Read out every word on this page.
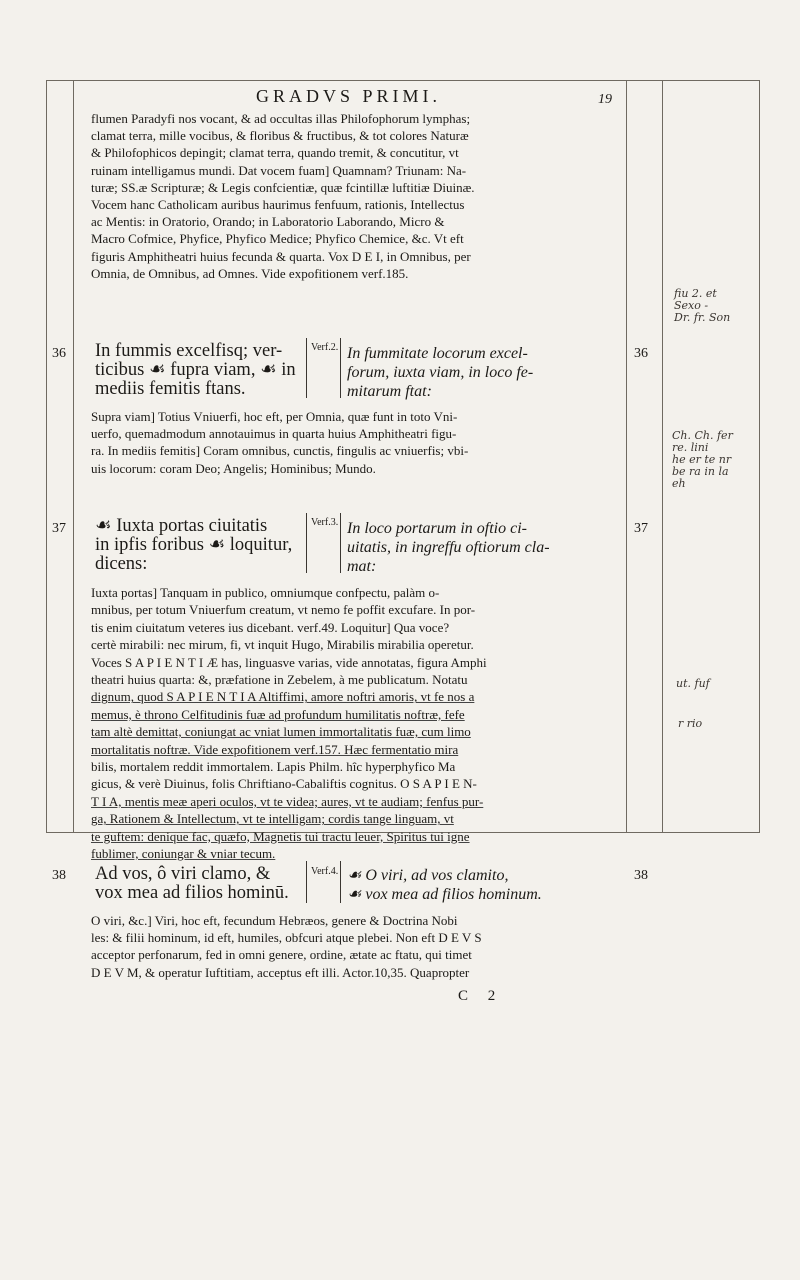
GRADVS PRIMI.	19

flumen Paradyfi nos vocant, & ad occultas illas Philofophorum lymphas;

clamat terra, mille vocibus, & floribus & fructibus, & tot colores Naturæ

& Philofophicos depingit; clamat terra, quando tremit, & concutitur, vt

ruinam intelligamus mundi. Dat vocem fuam] Quamnam? Triunam: Na-

turæ; SS.æ Scripturæ; & Legis confcientiæ, quæ fcintillæ luftitiæ Diuinæ.

Vocem hanc Catholicam auribus haurimus fenfuum, rationis, Intellectus

ac Mentis: in Oratorio, Orando; in Laboratorio Laborando, Micro &

Macro Cofmice, Phyfice, Phyfico Medice; Phyfico Chemice, &c. Vt eft

figuris Amphitheatri huius fecunda & quarta. Vox D E I, in Omnibus, per

Omnia, de Omnibus, ad Omnes. Vide expofitionem verf.185.

36	36

In fummis excelfisq; ver-

ticibus ☙ fupra viam, ☙ in

mediis femitis ftans.

Verf.2. In fummitate locorum excel-

forum, iuxta viam, in loco fe-

mitarum ftat:

Supra viam] Totius Vniuerfi, hoc eft, per Omnia, quæ funt in toto Vni-

uerfo, quemadmodum annotauimus in quarta huius Amphitheatri figu-

ra. In mediis femitis] Coram omnibus, cunctis, fingulis ac vniuerfis; vbi-

uis locorum: coram Deo; Angelis; Hominibus; Mundo.

37	37

☙ Iuxta portas ciuitatis

in ipfis foribus ☙ loquitur,

dicens:

Verf.3. In loco portarum in oftio ci-

uitatis, in ingreffu oftiorum cla-

mat:

Iuxta portas] Tanquam in publico, omniumque confpectu, palàm o-

mnibus, per totum Vniuerfum creatum, vt nemo fe poffit excufare. In por-

tis enim ciuitatum veteres ius dicebant. verf.49. Loquitur] Qua voce?

certè mirabili: nec mirum, fi, vt inquit Hugo, Mirabilis mirabilia operetur.

Voces S A P I E N T I Æ has, linguasve varias, vide annotatas, figura Amphi

theatri huius quarta: &, præfatione in Zebelem, à me publicatum. Notatu

dignum, quod S A P I E N T I A Altiffimi, amore noftri amoris, vt fe nos a

memus, è throno Celfitudinis fuæ ad profundum humilitatis noftræ, fefe

tam altè demittat, coniungat ac vniat lumen immortalitatis fuæ, cum limo

mortalitatis noftræ. Vide expofitionem verf.157. Hæc fermentatio mira

bilis, mortalem reddit immortalem. Lapis Philm. hîc hyperphyfico Ma

gicus, & verè Diuinus, folis Chriftiano-Cabaliftis cognitus. O S A P I E N-

T I A, mentis meæ aperi oculos, vt te videa; aures, vt te audiam; fenfus pur-

ga, Rationem & Intellectum, vt te intelligam; cordis tange linguam, vt

te guftem: denique fac, quæfo, Magnetis tui tractu leuer, Spiritus tui igne

fublimer, coniungar & vniar tecum.

38	38

Ad vos, ô viri clamo, &

vox mea ad filios hominū.

Verf.4. ☙ O viri, ad vos clamito,

☙ vox mea ad filios hominum.

O viri, &c.] Viri, hoc eft, fecundum Hebræos, genere & Doctrina Nobi

les: & filii hominum, id eft, humiles, obfcuri atque plebei. Non eft D E V S

acceptor perfonarum, fed in omni genere, ordine, ætate ac ftatu, qui timet

D E V M, & operatur Iuftitiam, acceptus eft illi. Actor.10,35. Quapropter

C 2

fiu 2. et

Sexo -

Dr. fr. Son

Ch. Ch. fer

re. lini

he er te nr

be ra in la

eh

ut. fuf

r rio
